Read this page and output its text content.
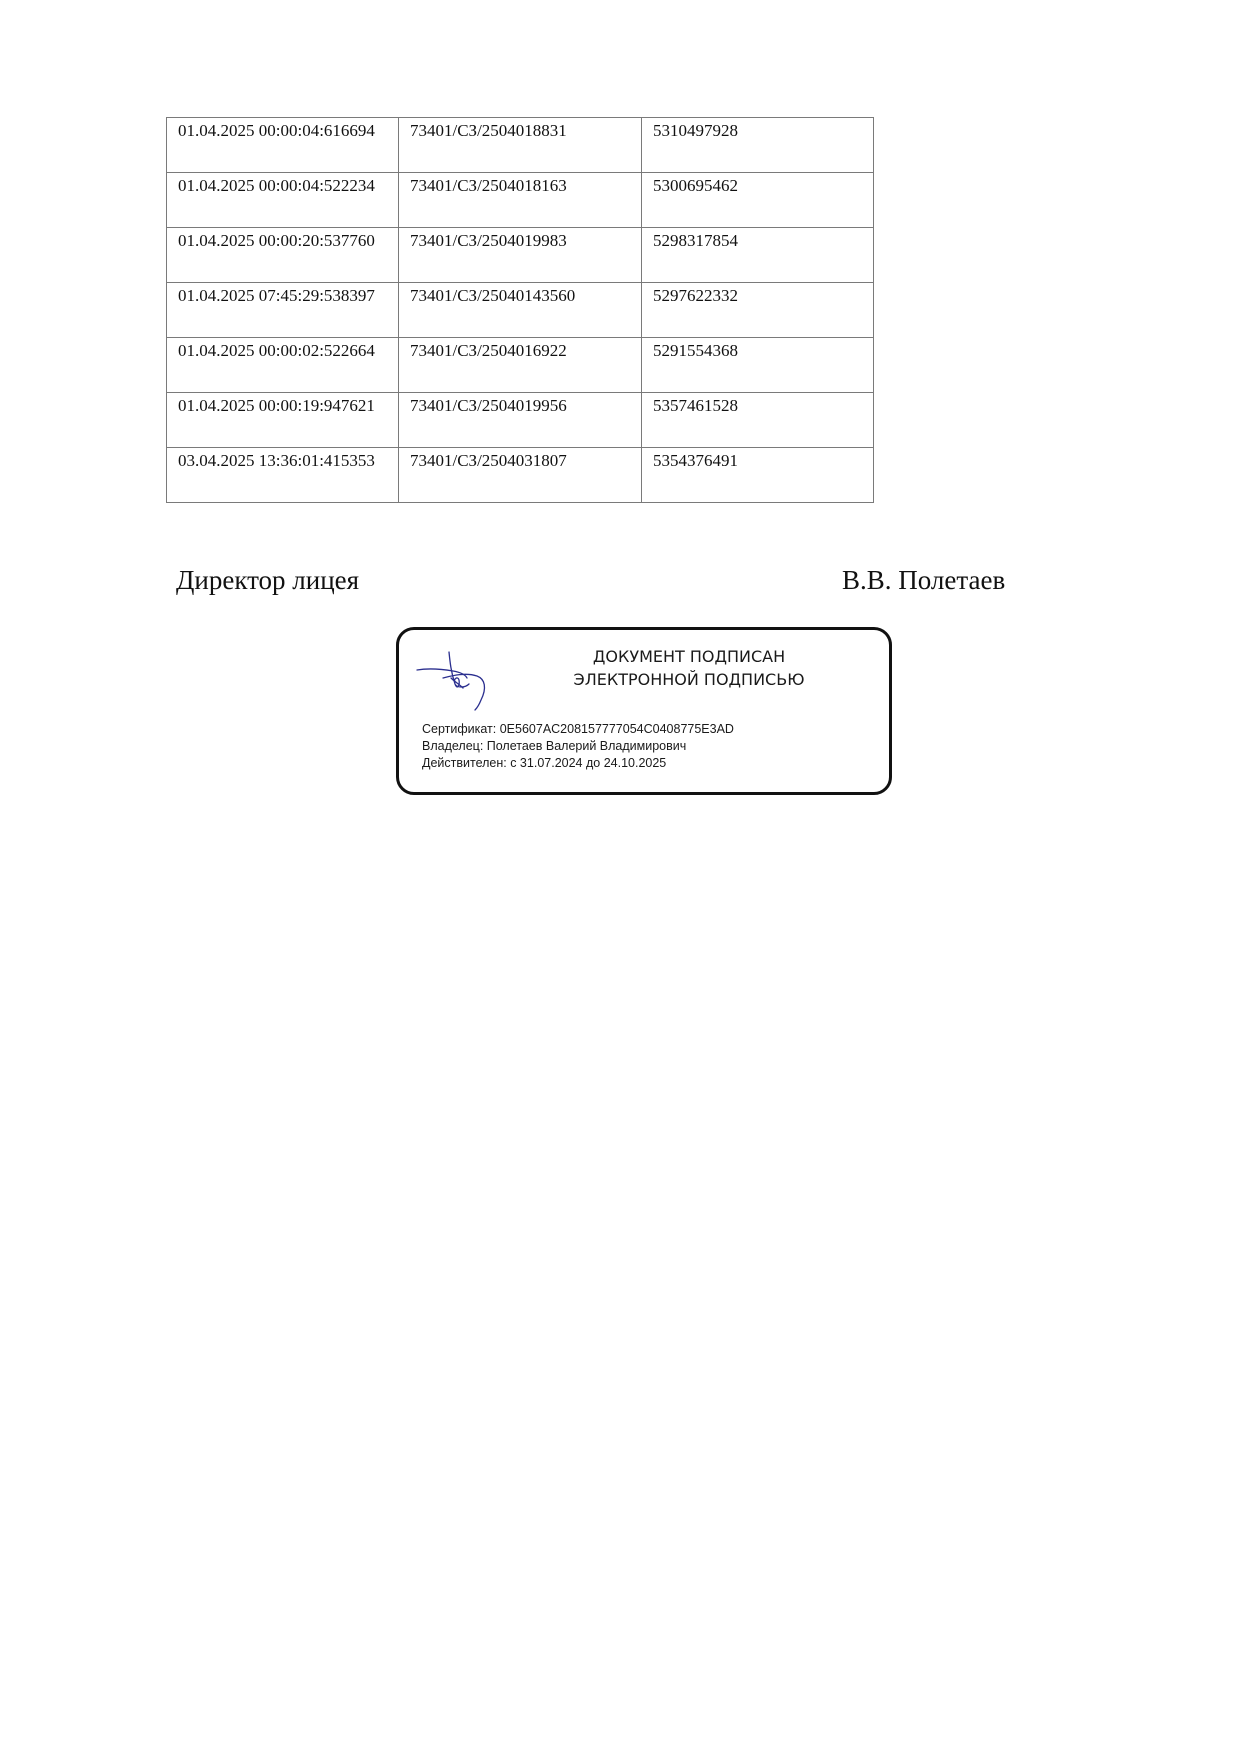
01.04.2025 00:00:04:616694	73401/СЗ/2504018831	5310497928
01.04.2025 00:00:04:522234	73401/СЗ/2504018163	5300695462
01.04.2025 00:00:20:537760	73401/СЗ/2504019983	5298317854
01.04.2025 07:45:29:538397	73401/СЗ/25040143560	5297622332
01.04.2025 00:00:02:522664	73401/СЗ/2504016922	5291554368
01.04.2025 00:00:19:947621	73401/СЗ/2504019956	5357461528
03.04.2025 13:36:01:415353	73401/СЗ/2504031807	5354376491
Директор лицея	В.В. Полетаев
ДОКУМЕНТ ПОДПИСАН
ЭЛЕКТРОННОЙ ПОДПИСЬЮ
Сертификат: 0E5607AC208157777054C0408775E3AD
Владелец: Полетаев Валерий Владимирович
Действителен: с 31.07.2024 до 24.10.2025
